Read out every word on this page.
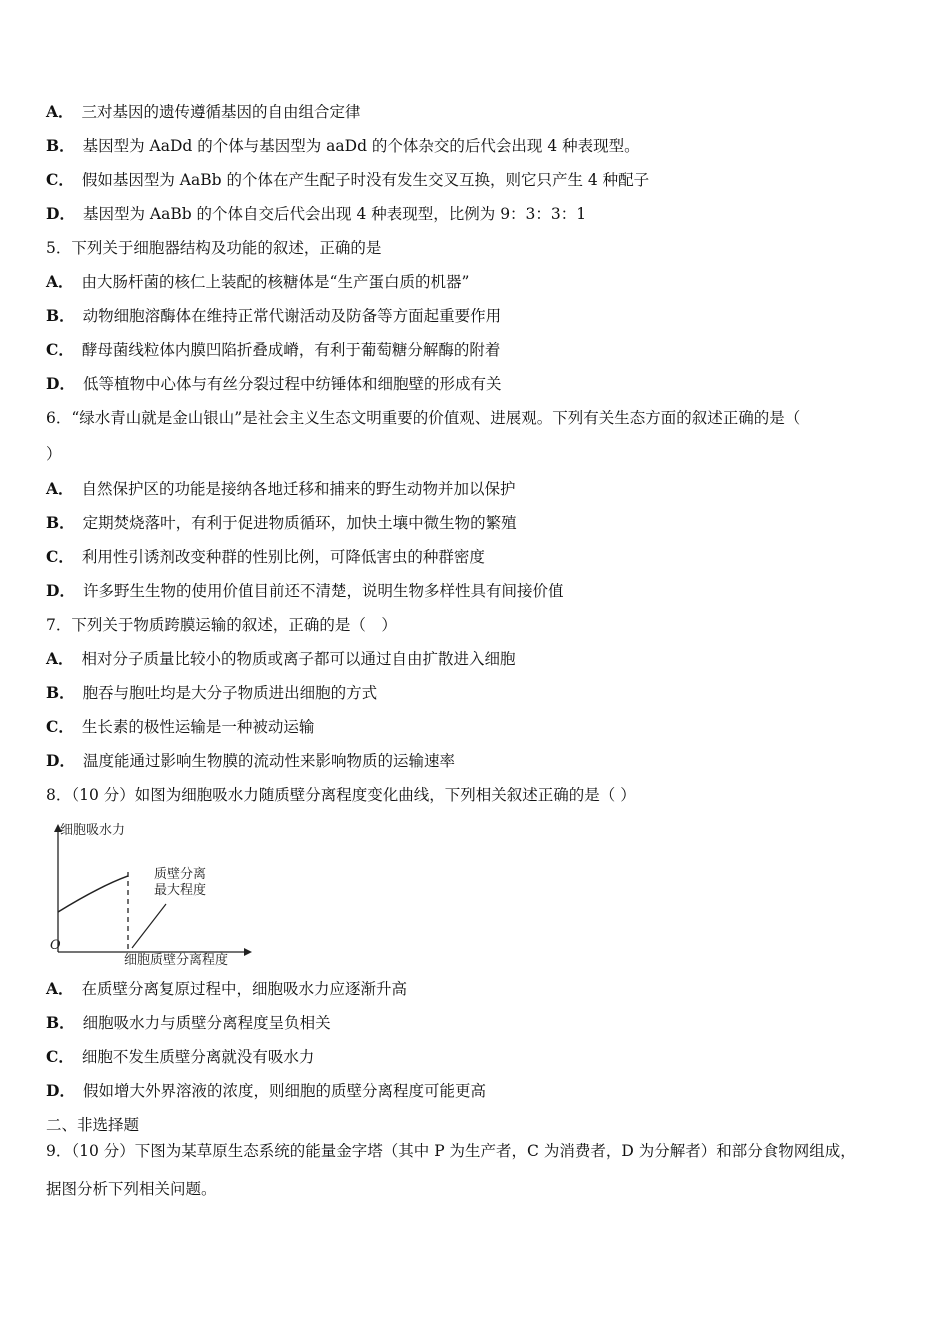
A． 三对基因的遗传遵循基因的自由组合定律
B． 基因型为 AaDd 的个体与基因型为 aaDd 的个体杂交的后代会出现 4 种表现型。
C． 假如基因型为 AaBb 的个体在产生配子时没有发生交叉互换，则它只产生 4 种配子
D． 基因型为 AaBb 的个体自交后代会出现 4 种表现型，比例为 9：3：3：1
5．下列关于细胞器结构及功能的叙述，正确的是
A． 由大肠杆菌的核仁上装配的核糖体是“生产蛋白质的机器”
B． 动物细胞溶酶体在维持正常代谢活动及防备等方面起重要作用
C． 酵母菌线粒体内膜凹陷折叠成嵴，有利于葡萄糖分解酶的附着
D． 低等植物中心体与有丝分裂过程中纺锤体和细胞壁的形成有关
6．“绿水青山就是金山银山”是社会主义生态文明重要的价值观、进展观。下列有关生态方面的叙述正确的是（
）
A． 自然保护区的功能是接纳各地迁移和捕来的野生动物并加以保护
B． 定期焚烧落叶，有利于促进物质循环，加快土壤中微生物的繁殖
C． 利用性引诱剂改变种群的性别比例，可降低害虫的种群密度
D． 许多野生生物的使用价值目前还不清楚，说明生物多样性具有间接价值
7．下列关于物质跨膜运输的叙述，正确的是（　）
A． 相对分子质量比较小的物质或离子都可以通过自由扩散进入细胞
B． 胞吞与胞吐均是大分子物质进出细胞的方式
C． 生长素的极性运输是一种被动运输
D． 温度能通过影响生物膜的流动性来影响物质的运输速率
8．（10 分）如图为细胞吸水力随质壁分离程度变化曲线，下列相关叙述正确的是（ ）
细胞吸水力
质壁分离
最大程度
O
细胞质壁分离程度
A． 在质壁分离复原过程中，细胞吸水力应逐渐升高
B． 细胞吸水力与质壁分离程度呈负相关
C． 细胞不发生质壁分离就没有吸水力
D． 假如增大外界溶液的浓度，则细胞的质壁分离程度可能更高
二、非选择题
9．（10 分）下图为某草原生态系统的能量金字塔（其中 P 为生产者，C 为消费者，D 为分解者）和部分食物网组成，
据图分析下列相关问题。
